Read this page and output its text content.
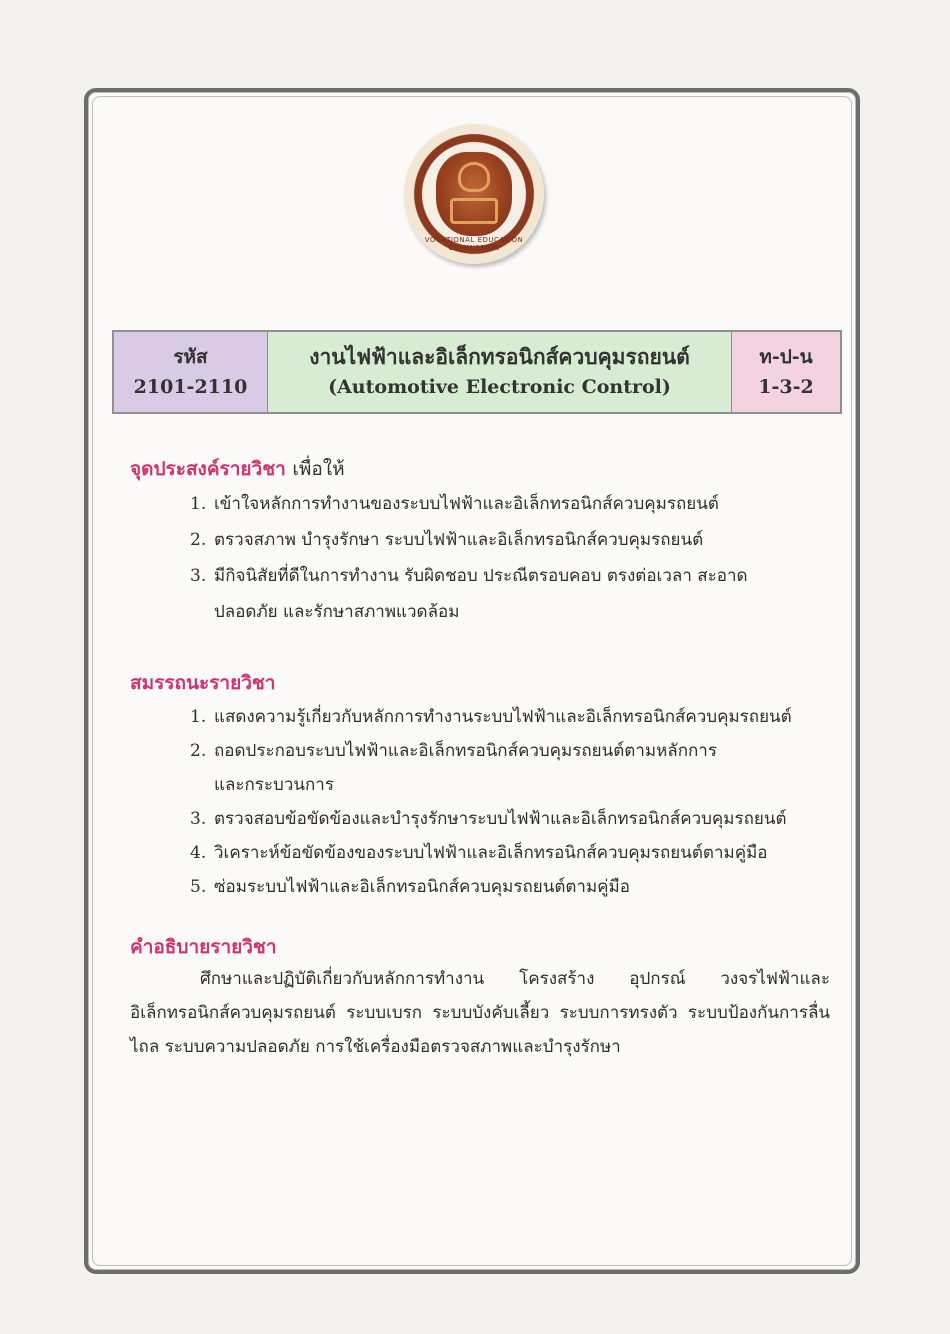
VOCATIONAL EDUCATION COMMISSION
รหัส
2101-2110
งานไฟฟ้าและอิเล็กทรอนิกส์ควบคุมรถยนต์
(Automotive Electronic Control)
ท-ป-น
1-3-2
จุดประสงค์รายวิชา เพื่อให้
1. เข้าใจหลักการทำงานของระบบไฟฟ้าและอิเล็กทรอนิกส์ควบคุมรถยนต์
2. ตรวจสภาพ บำรุงรักษา ระบบไฟฟ้าและอิเล็กทรอนิกส์ควบคุมรถยนต์
3. มีกิจนิสัยที่ดีในการทำงาน รับผิดชอบ ประณีตรอบคอบ ตรงต่อเวลา สะอาด
ปลอดภัย และรักษาสภาพแวดล้อม
สมรรถนะรายวิชา
1. แสดงความรู้เกี่ยวกับหลักการทำงานระบบไฟฟ้าและอิเล็กทรอนิกส์ควบคุมรถยนต์
2. ถอดประกอบระบบไฟฟ้าและอิเล็กทรอนิกส์ควบคุมรถยนต์ตามหลักการ
และกระบวนการ
3. ตรวจสอบข้อขัดข้องและบำรุงรักษาระบบไฟฟ้าและอิเล็กทรอนิกส์ควบคุมรถยนต์
4. วิเคราะห์ข้อขัดข้องของระบบไฟฟ้าและอิเล็กทรอนิกส์ควบคุมรถยนต์ตามคู่มือ
5. ซ่อมระบบไฟฟ้าและอิเล็กทรอนิกส์ควบคุมรถยนต์ตามคู่มือ
คำอธิบายรายวิชา

ศึกษาและปฏิบัติเกี่ยวกับหลักการทำงาน โครงสร้าง อุปกรณ์ วงจรไฟฟ้าและอิเล็กทรอนิกส์ควบคุมรถยนต์ ระบบเบรก ระบบบังคับเลี้ยว ระบบการทรงตัว ระบบป้องกันการลื่นไถล ระบบความปลอดภัย การใช้เครื่องมือตรวจสภาพและบำรุงรักษา
